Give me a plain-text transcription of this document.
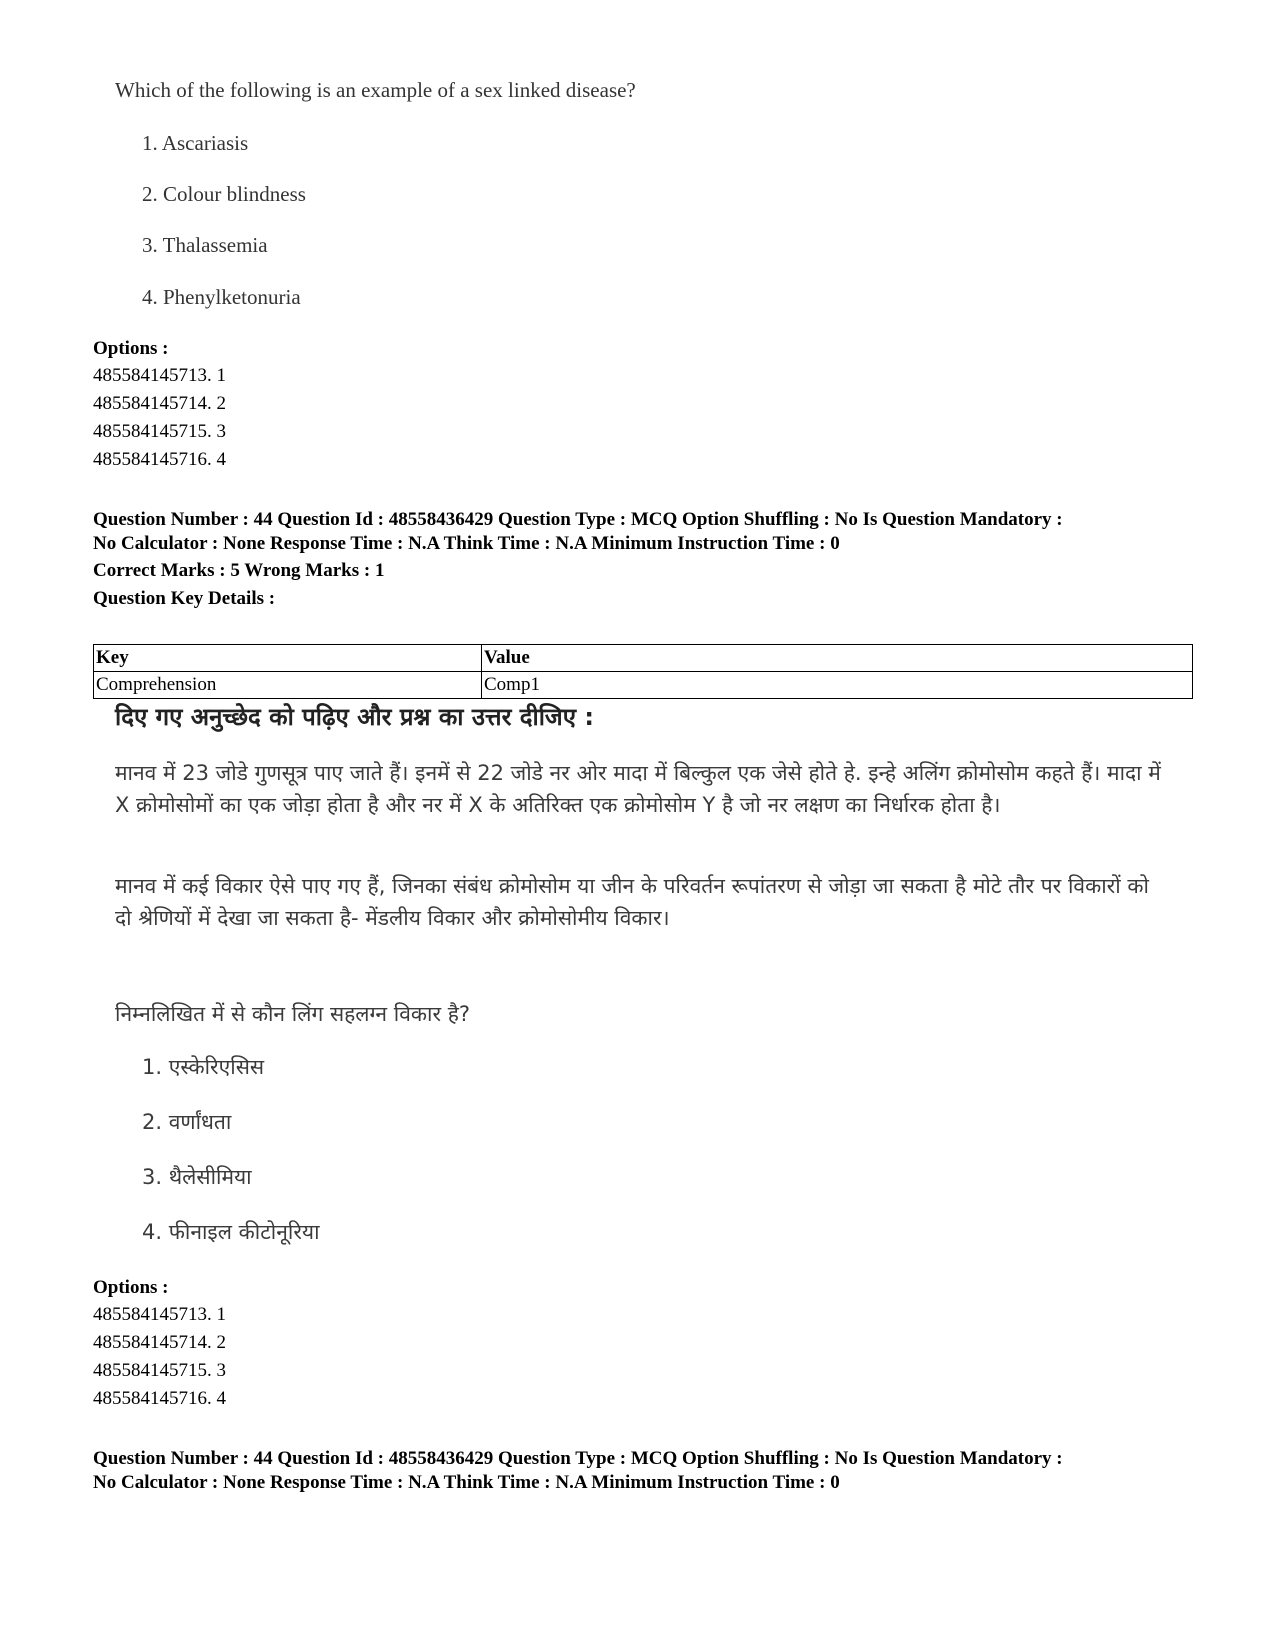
Which of the following is an example of a sex linked disease?
1. Ascariasis
2. Colour blindness
3. Thalassemia
4. Phenylketonuria
Options :
485584145713. 1
485584145714. 2
485584145715. 3
485584145716. 4
Question Number : 44 Question Id : 48558436429 Question Type : MCQ Option Shuffling : No Is Question Mandatory :
No Calculator : None Response Time : N.A Think Time : N.A Minimum Instruction Time : 0
Correct Marks : 5 Wrong Marks : 1
Question Key Details :
Key	Value
Comprehension	Comp1
दिए गए अनुच्छेद को पढ़िए और प्रश्न का उत्तर दीजिए :
मानव में 23 जोडे गुणसूत्र पाए जाते हैं। इनमें से 22 जोडे नर ओर मादा में बिल्कुल एक जेसे होते हे. इन्हे अलिंग क्रोमोसोम कहते हैं। मादा में X क्रोमोसोमों का एक जोड़ा होता है और नर में X के अतिरिक्त एक क्रोमोसोम Y है जो नर लक्षण का निर्धारक होता है।
मानव में कई विकार ऐसे पाए गए हैं, जिनका संबंध क्रोमोसोम या जीन के परिवर्तन रूपांतरण से जोड़ा जा सकता है मोटे तौर पर विकारों को दो श्रेणियों में देखा जा सकता है- मेंडलीय विकार और क्रोमोसोमीय विकार।
निम्नलिखित में से कौन लिंग सहलग्न विकार है?
1. एस्केरिएसिस
2. वर्णांधता
3. थैलेसीमिया
4. फीनाइल कीटोनूरिया
Options :
485584145713. 1
485584145714. 2
485584145715. 3
485584145716. 4
Question Number : 44 Question Id : 48558436429 Question Type : MCQ Option Shuffling : No Is Question Mandatory :
No Calculator : None Response Time : N.A Think Time : N.A Minimum Instruction Time : 0
